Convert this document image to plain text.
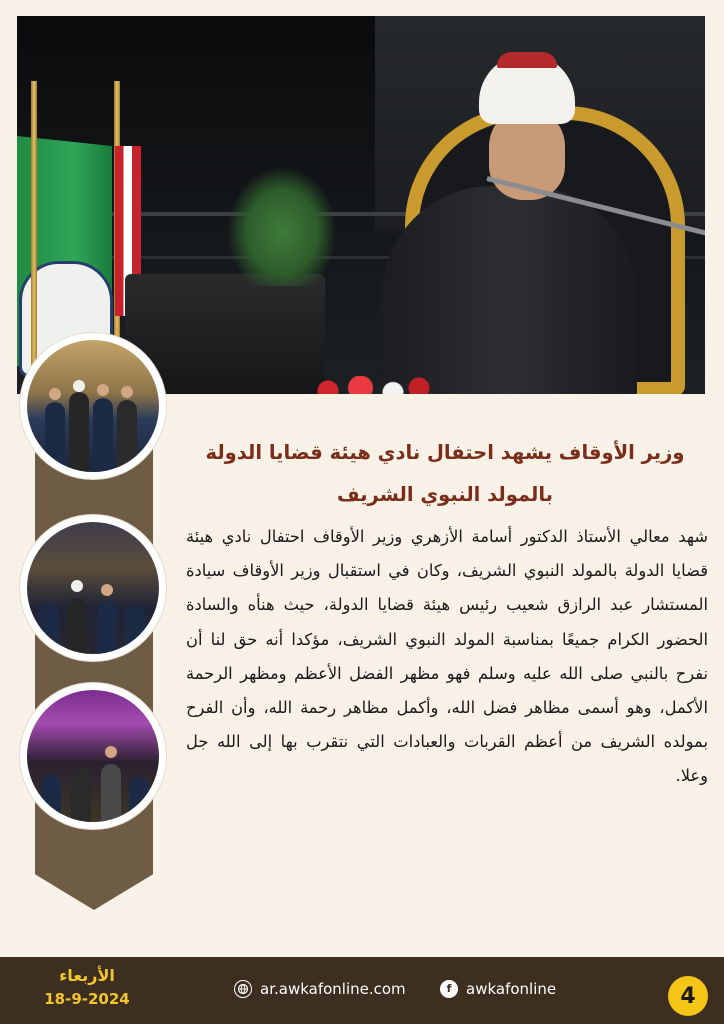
وزير الأوقاف يشهد احتفال نادي هيئة قضايا الدولة بالمولد النبوي الشريف

شهد معالي الأستاذ الدكتور أسامة الأزهري وزير الأوقاف احتفال نادي هيئة قضايا الدولة بالمولد النبوي الشريف، وكان في استقبال وزير الأوقاف سيادة المستشار عبد الرازق شعيب رئيس هيئة قضايا الدولة، حيث هنأه والسادة الحضور الكرام جميعًا بمناسبة المولد النبوي الشريف، مؤكدا أنه حق لنا أن نفرح بالنبي صلى الله عليه وسلم فهو مظهر الفضل الأعظم ومظهر الرحمة الأكمل، وهو أسمى مظاهر فضل الله، وأكمل مظاهر رحمة الله، وأن الفرح بمولده الشريف من أعظم القربات والعبادات التي نتقرب بها إلى الله جل وعلا.

الأربعاء
18-9-2024
ar.awkafonline.com	f awkafonline	4
